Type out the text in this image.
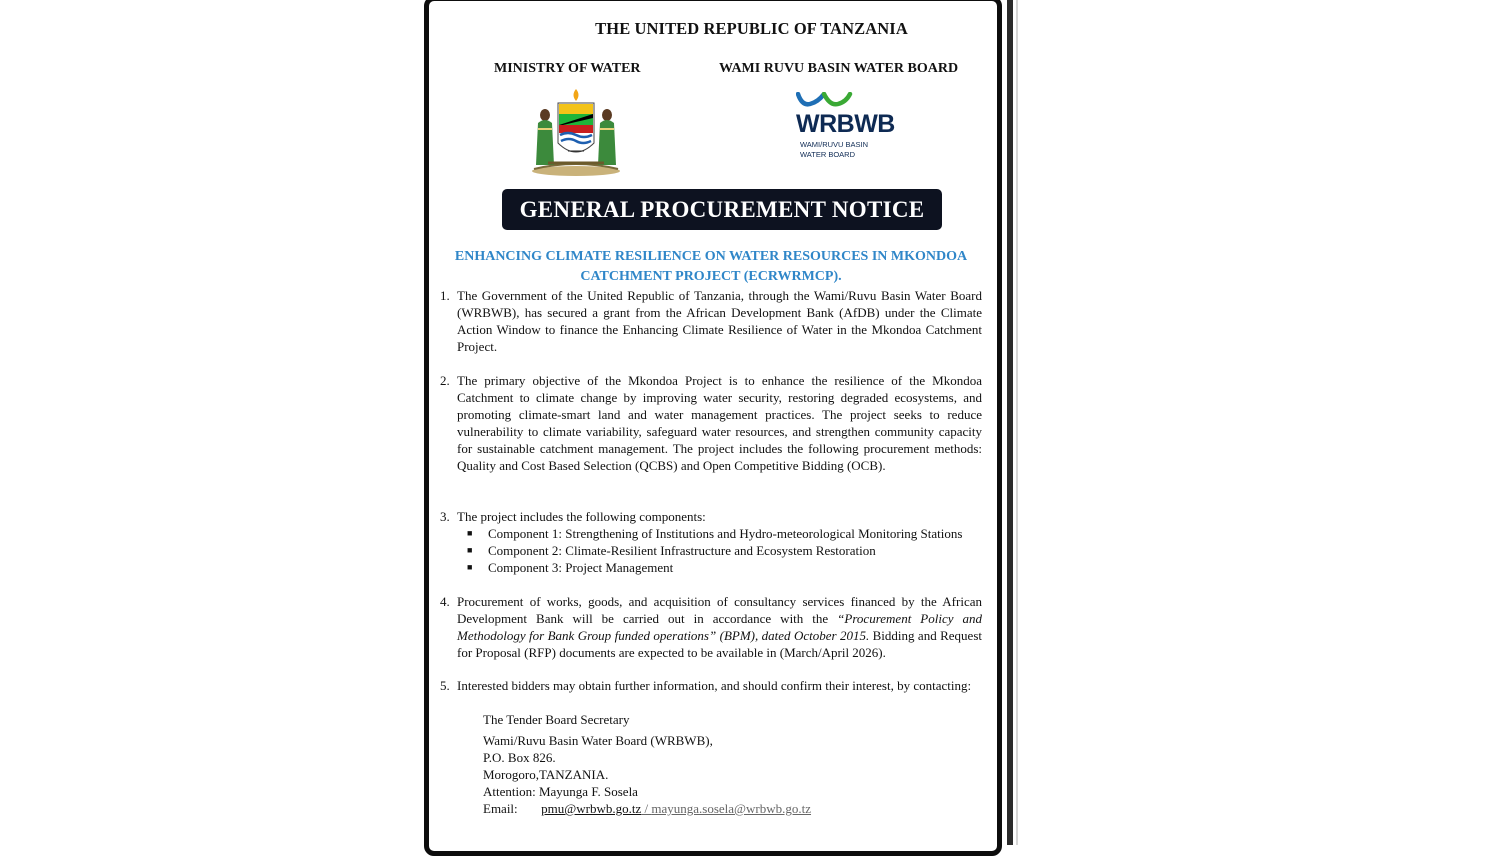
THE UNITED REPUBLIC OF TANZANIA
MINISTRY OF WATER	WAMI RUVU BASIN WATER BOARD
WRBWB
WAMI/RUVU BASIN
WATER BOARD
GENERAL PROCUREMENT NOTICE
ENHANCING CLIMATE RESILIENCE ON WATER RESOURCES IN MKONDOA
CATCHMENT PROJECT (ECRWRMCP).
1. The Government of the United Republic of Tanzania, through the Wami/Ruvu Basin Water Board (WRBWB), has secured a grant from the African Development Bank (AfDB) under the Climate Action Window to finance the Enhancing Climate Resilience of Water in the Mkondoa Catchment Project.
2. The primary objective of the Mkondoa Project is to enhance the resilience of the Mkondoa Catchment to climate change by improving water security, restoring degraded ecosystems, and promoting climate-smart land and water management practices. The project seeks to reduce vulnerability to climate variability, safeguard water resources, and strengthen community capacity for sustainable catchment management. The project includes the following procurement methods: Quality and Cost Based Selection (QCBS) and Open Competitive Bidding (OCB).
3. The project includes the following components:
■	Component 1: Strengthening of Institutions and Hydro-meteorological Monitoring Stations
■	Component 2: Climate-Resilient Infrastructure and Ecosystem Restoration
■	Component 3: Project Management
4. Procurement of works, goods, and acquisition of consultancy services financed by the African Development Bank will be carried out in accordance with the “Procurement Policy and Methodology for Bank Group funded operations” (BPM), dated October 2015. Bidding and Request for Proposal (RFP) documents are expected to be available in (March/April 2026).
5. Interested bidders may obtain further information, and should confirm their interest, by contacting:
The Tender Board Secretary
Wami/Ruvu Basin Water Board (WRBWB),
P.O. Box 826.
Morogoro,TANZANIA.
Attention: Mayunga F. Sosela
Email: pmu@wrbwb.go.tz / mayunga.sosela@wrbwb.go.tz
